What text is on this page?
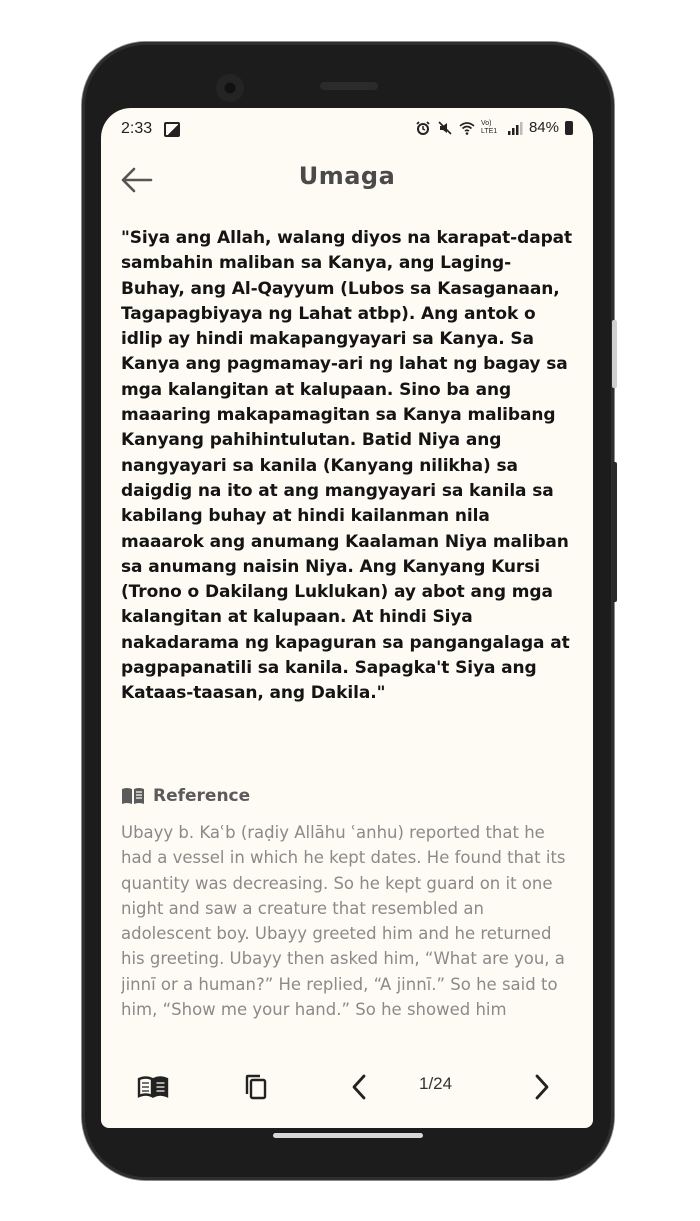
2:33	Vo) LTE1 84%
Umaga

"Siya ang Allah, walang diyos na karapat-dapat sambahin maliban sa Kanya, ang Laging-Buhay, ang Al-Qayyum (Lubos sa Kasaganaan, Tagapagbiyaya ng Lahat atbp). Ang antok o idlip ay hindi makapangyayari sa Kanya. Sa Kanya ang pagmamay-ari ng lahat ng bagay sa mga kalangitan at kalupaan. Sino ba ang maaaring makapamagitan sa Kanya malibang Kanyang pahihintulutan. Batid Niya ang nangyayari sa kanila (Kanyang nilikha) sa daigdig na ito at ang mangyayari sa kanila sa kabilang buhay at hindi kailanman nila maaarok ang anumang Kaalaman Niya maliban sa anumang naisin Niya. Ang Kanyang Kursi (Trono o Dakilang Luklukan) ay abot ang mga kalangitan at kalupaan. At hindi Siya nakadarama ng kapaguran sa pangangalaga at pagpapanatili sa kanila. Sapagka't Siya ang Kataas-taasan, ang Dakila."

Reference

Ubayy b. Kaʿb (raḍiy Allāhu ʿanhu) reported that he had a vessel in which he kept dates. He found that its quantity was decreasing. So he kept guard on it one night and saw a creature that resembled an adolescent boy. Ubayy greeted him and he returned his greeting. Ubayy then asked him, “What are you, a jinnī or a human?” He replied, “A jinnī.” So he said to him, “Show me your hand.” So he showed him

1/24
